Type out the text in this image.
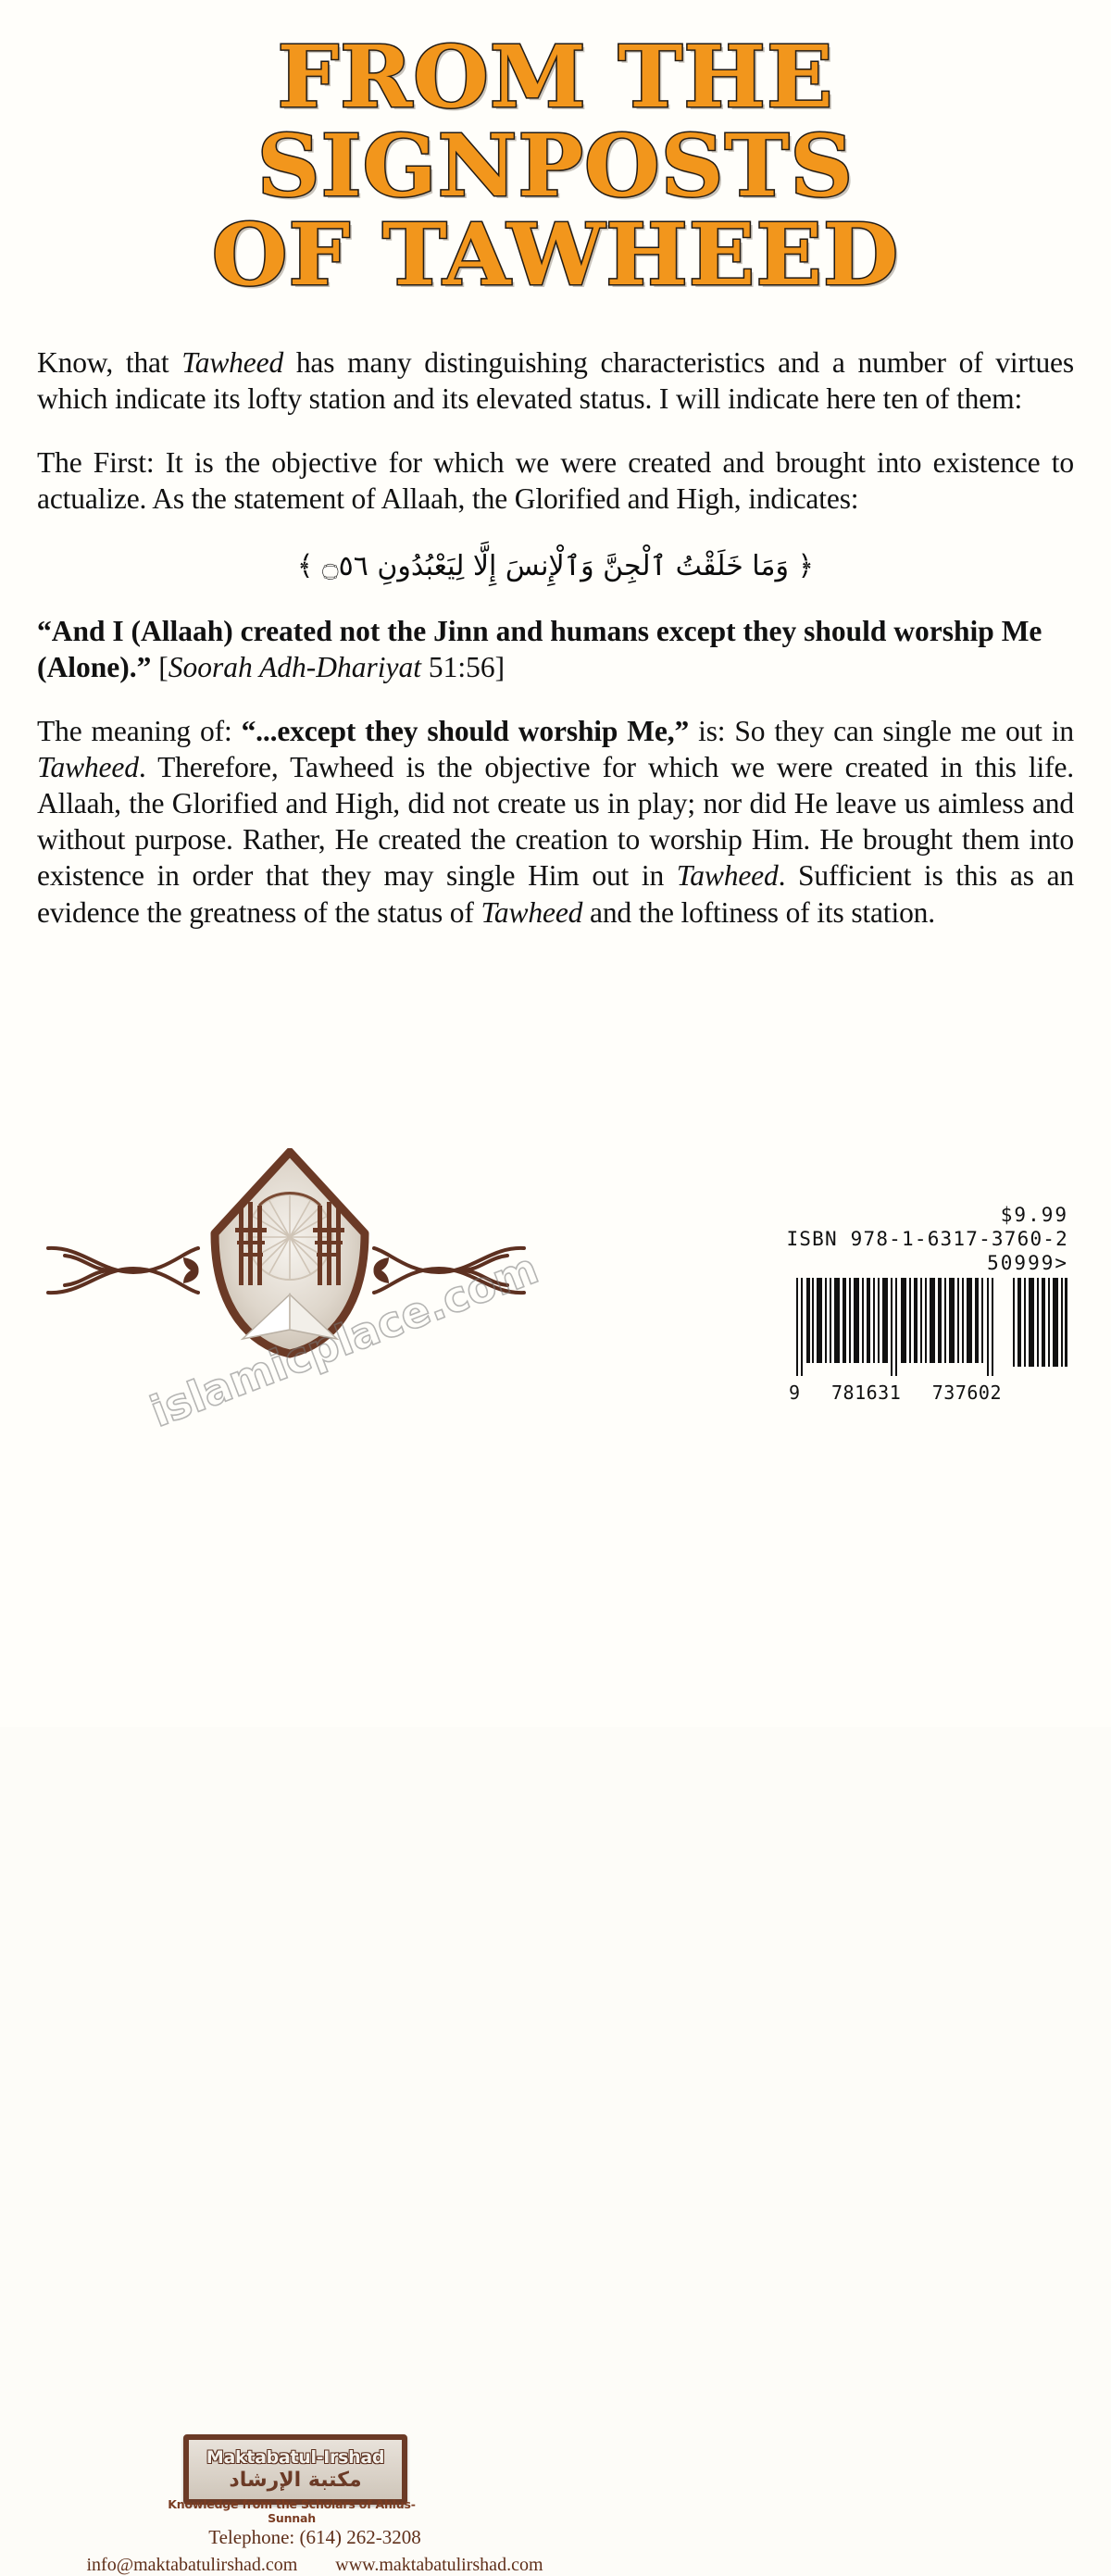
FROM THE
SIGNPOSTS
OF TAWHEED

Know, that Tawheed has many distinguishing characteristics and a number of virtues which indicate its lofty station and its elevated status. I will indicate here ten of them:

The First: It is the objective for which we were created and brought into existence to actualize. As the statement of Allaah, the Glorified and High, indicates:

﴿ وَمَا خَلَقْتُ ٱلْجِنَّ وَٱلْإِنسَ إِلَّا لِيَعْبُدُونِ ۝٥٦ ﴾

“And I (Allaah) created not the Jinn and humans except they should worship Me (Alone).” [Soorah Adh-Dhariyat 51:56]

The meaning of: “...except they should worship Me,” is: So they can single me out in Tawheed. Therefore, Tawheed is the objective for which we were created in this life. Allaah, the Glorified and High, did not create us in play; nor did He leave us aimless and without purpose. Rather, He created the creation to worship Him. He brought them into existence in order that they may single Him out in Tawheed. Sufficient is this as an evidence the greatness of the status of Tawheed and the loftiness of its station.

Maktabatul-Irshad
مكتبة الإرشاد
Knowledge from the Scholars of Ahlus-Sunnah
Telephone: (614) 262-3208
info@maktabatulirshad.com www.maktabatulirshad.com
$9.99
ISBN 978-1-6317-3760-2
50999>
9 781631 737602
islamicplace.com
